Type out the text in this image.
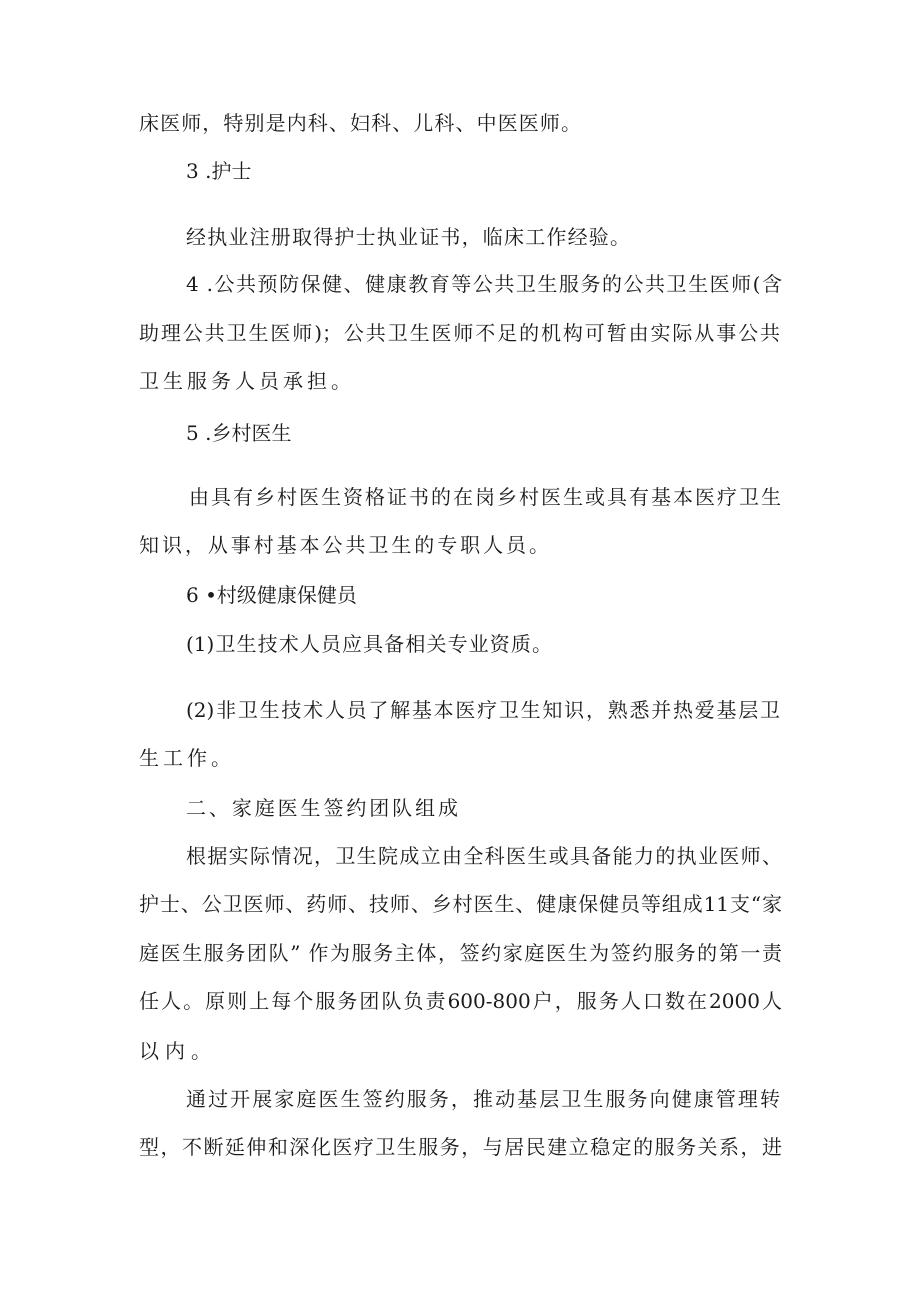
床医师，特别是内科、妇科、儿科、中医医师。
3 .护士
经执业注册取得护士执业证书，临床工作经验。
4 .公共预防保健、健康教育等公共卫生服务的公共卫生医师(含
助理公共卫生医师)；公共卫生医师不足的机构可暂由实际从事公共
卫生服务人员承担。
5 .乡村医生
由具有乡村医生资格证书的在岗乡村医生或具有基本医疗卫生
知识，从事村基本公共卫生的专职人员。
6 •村级健康保健员
(1)卫生技术人员应具备相关专业资质。
(2)非卫生技术人员了解基本医疗卫生知识，熟悉并热爱基层卫
生工作。
二、家庭医生签约团队组成
根据实际情况，卫生院成立由全科医生或具备能力的执业医师、
护士、公卫医师、药师、技师、乡村医生、健康保健员等组成11支“家
庭医生服务团队” 作为服务主体，签约家庭医生为签约服务的第一责
任人。原则上每个服务团队负责600-800户，服务人口数在2000人
以内。
通过开展家庭医生签约服务，推动基层卫生服务向健康管理转
型，不断延伸和深化医疗卫生服务，与居民建立稳定的服务关系，进
